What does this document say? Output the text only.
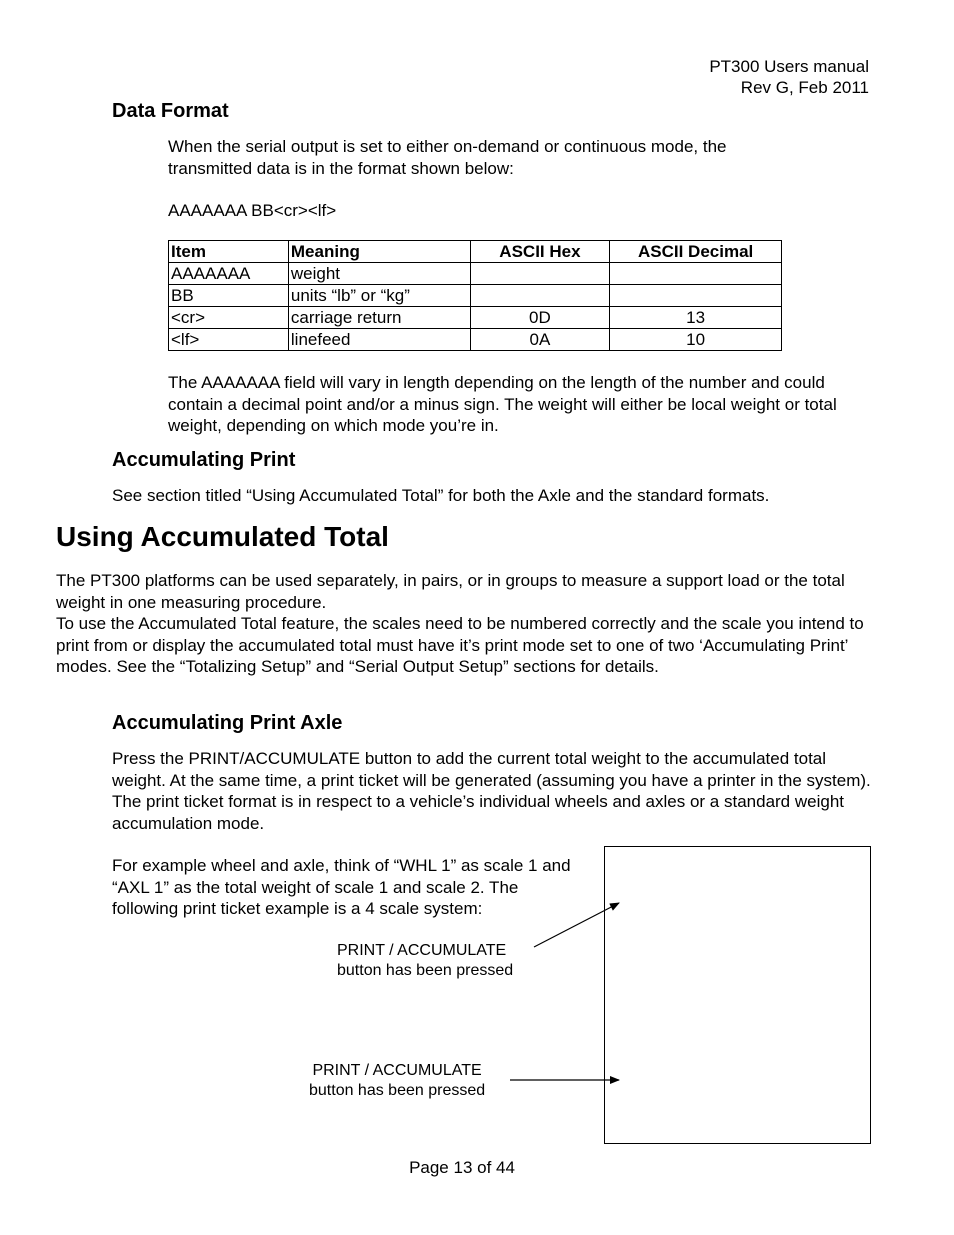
PT300 Users manual
Rev G, Feb 2011
Data Format
When the serial output is set to either on-demand or continuous mode, the transmitted data is in the format shown below:
AAAAAAA BB<cr><lf>
Item	Meaning	ASCII Hex	ASCII Decimal
AAAAAAA	weight		
BB	units “lb” or “kg”		
<cr>	carriage return	0D	13
<lf>	linefeed	0A	10
The AAAAAAA field will vary in length depending on the length of the number and could contain a decimal point and/or a minus sign. The weight will either be local weight or total weight, depending on which mode you’re in.
Accumulating Print
See section titled “Using Accumulated Total” for both the Axle and the standard formats.
Using Accumulated Total
The PT300 platforms can be used separately, in pairs, or in groups to measure a support load or the total weight in one measuring procedure.
To use the Accumulated Total feature, the scales need to be numbered correctly and the scale you intend to print from or display the accumulated total must have it’s print mode set to one of two ‘Accumulating Print’ modes. See the “Totalizing Setup” and “Serial Output Setup” sections for details.
Accumulating Print Axle
Press the PRINT/ACCUMULATE button to add the current total weight to the accumulated total weight. At the same time, a print ticket will be generated (assuming you have a printer in the system). The print ticket format is in respect to a vehicle’s individual wheels and axles or a standard weight accumulation mode.
For example wheel and axle, think of “WHL 1” as scale 1 and “AXL 1” as the total weight of scale 1 and scale 2. The following print ticket example is a 4 scale system:
PRINT / ACCUMULATE
button has been pressed
PRINT / ACCUMULATE
button has been pressed
Page 13 of 44
